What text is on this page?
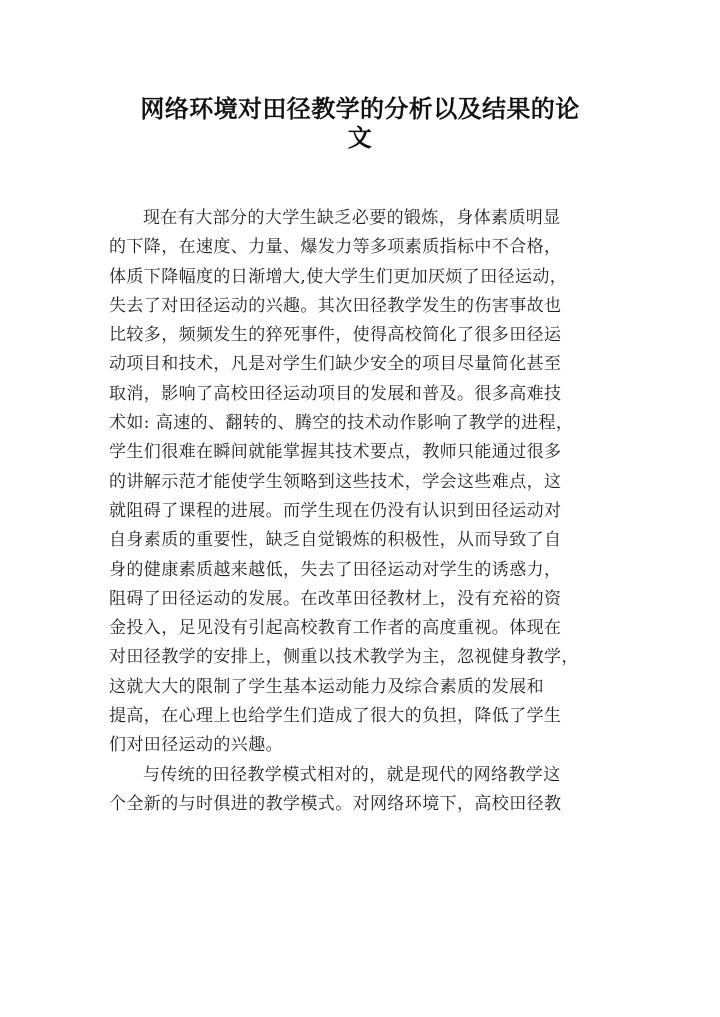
网络环境对田径教学的分析以及结果的论
文

现在有大部分的大学生缺乏必要的锻炼，身体素质明显
的下降，在速度、力量、爆发力等多项素质指标中不合格，
体质下降幅度的日渐增大,使大学生们更加厌烦了田径运动，
失去了对田径运动的兴趣。其次田径教学发生的伤害事故也
比较多，频频发生的猝死事件，使得高校简化了很多田径运
动项目和技术，凡是对学生们缺少安全的项目尽量简化甚至
取消，影响了高校田径运动项目的发展和普及。很多高难技
术如: 高速的、翻转的、腾空的技术动作影响了教学的进程，
学生们很难在瞬间就能掌握其技术要点，教师只能通过很多
的讲解示范才能使学生领略到这些技术，学会这些难点，这
就阻碍了课程的进展。而学生现在仍没有认识到田径运动对
自身素质的重要性，缺乏自觉锻炼的积极性，从而导致了自
身的健康素质越来越低，失去了田径运动对学生的诱惑力，
阻碍了田径运动的发展。在改革田径教材上，没有充裕的资
金投入，足见没有引起高校教育工作者的高度重视。体现在
对田径教学的安排上，侧重以技术教学为主，忽视健身教学，
这就大大的限制了学生基本运动能力及综合素质的发展和
提高，在心理上也给学生们造成了很大的负担，降低了学生
们对田径运动的兴趣。

与传统的田径教学模式相对的，就是现代的网络教学这
个全新的与时俱进的教学模式。对网络环境下，高校田径教
